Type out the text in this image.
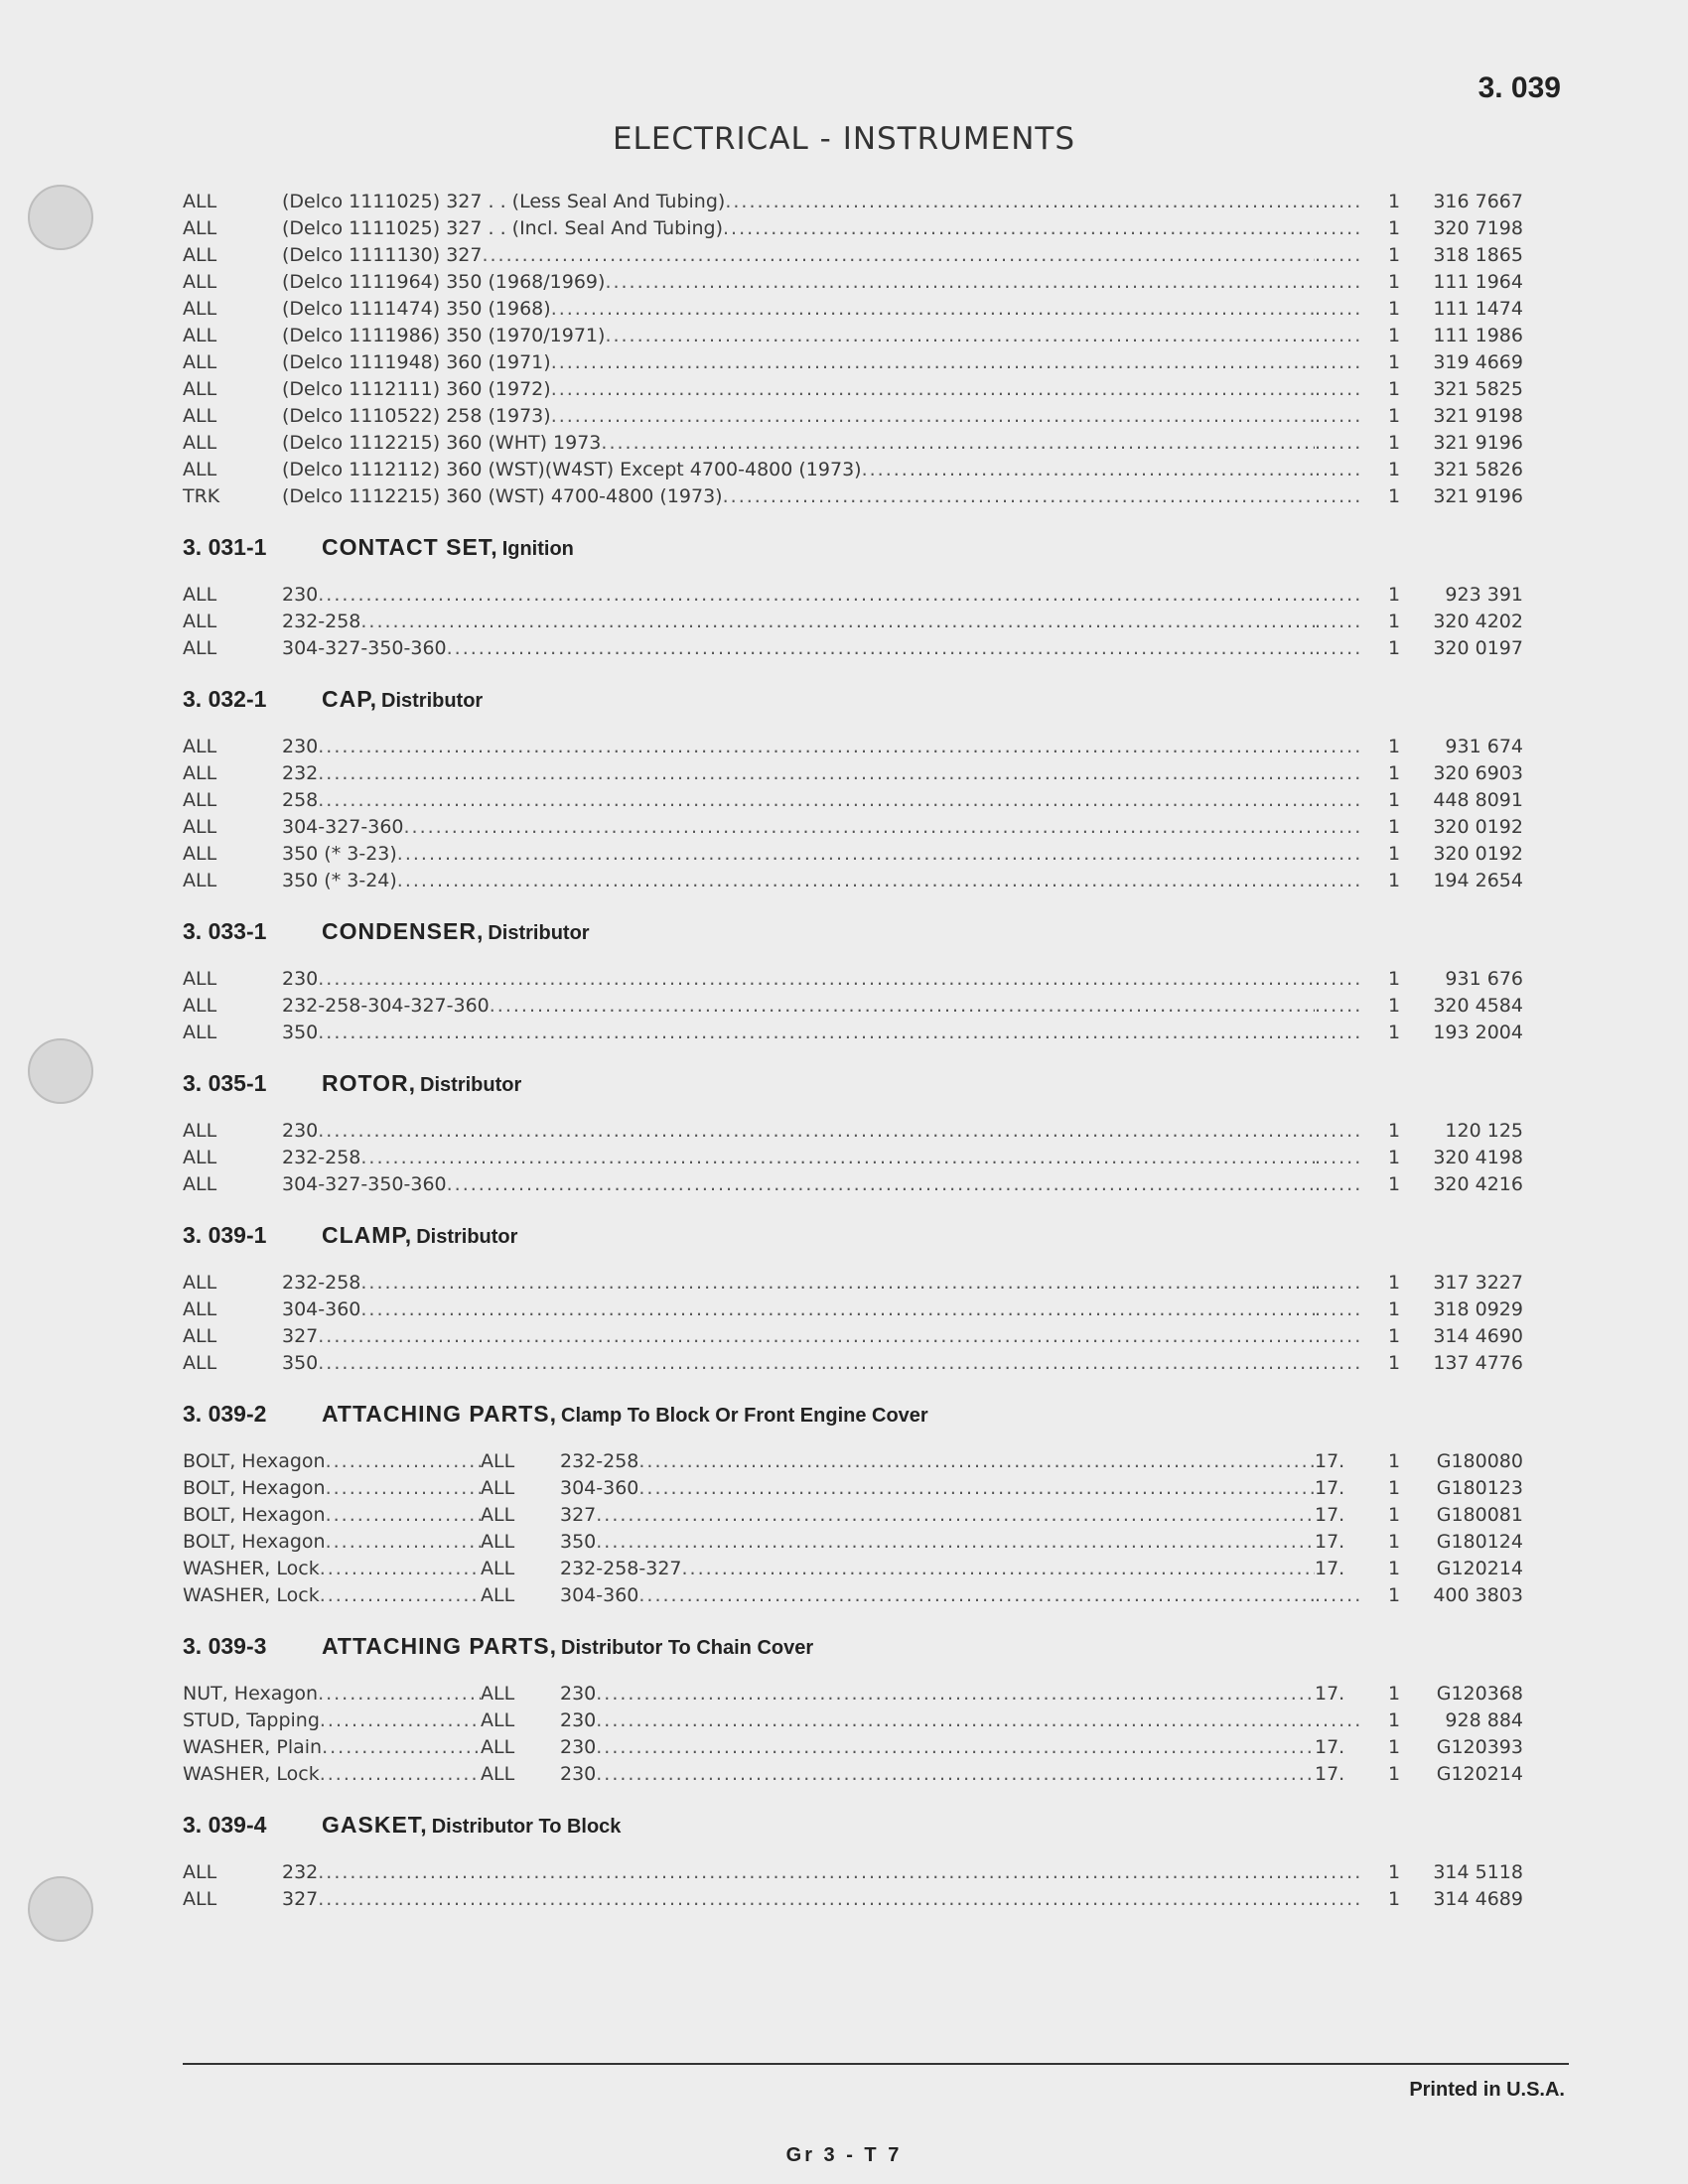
3. 039
ELECTRICAL - INSTRUMENTS
ALL	(Delco 1111025) 327 . . (Less Seal And Tubing) ..... ......	1	316 7667
ALL	(Delco 1111025) 327 . . (Incl. Seal And Tubing) ..... ......	1	320 7198
ALL	(Delco 1111130) 327 ..... ......	1	318 1865
ALL	(Delco 1111964) 350 (1968/1969) ..... ......	1	111 1964
ALL	(Delco 1111474) 350 (1968) ..... ......	1	111 1474
ALL	(Delco 1111986) 350 (1970/1971) ..... ......	1	111 1986
ALL	(Delco 1111948) 360 (1971) ..... ......	1	319 4669
ALL	(Delco 1112111) 360 (1972) ..... ......	1	321 5825
ALL	(Delco 1110522) 258 (1973) ..... ......	1	321 9198
ALL	(Delco 1112215) 360 (WHT) 1973 ..... ......	1	321 9196
ALL	(Delco 1112112) 360 (WST)(W4ST) Except 4700-4800 (1973) ..... ......	1	321 5826
TRK	(Delco 1112215) 360 (WST) 4700-4800 (1973) ..... ......	1	321 9196
3. 031-1	CONTACT SET, Ignition
ALL	230 ..... ......	1	923 391
ALL	232-258 ..... ......	1	320 4202
ALL	304-327-350-360 ..... ......	1	320 0197
3. 032-1	CAP, Distributor
ALL	230 ..... ......	1	931 674
ALL	232 ..... ......	1	320 6903
ALL	258 ..... ......	1	448 8091
ALL	304-327-360 ..... ......	1	320 0192
ALL	350 (* 3-23) ..... ......	1	320 0192
ALL	350 (* 3-24) ..... ......	1	194 2654
3. 033-1	CONDENSER, Distributor
ALL	230 ..... ......	1	931 676
ALL	232-258-304-327-360 ..... ......	1	320 4584
ALL	350 ..... ......	1	193 2004
3. 035-1	ROTOR, Distributor
ALL	230 ..... ......	1	120 125
ALL	232-258 ..... ......	1	320 4198
ALL	304-327-350-360 ..... ......	1	320 4216
3. 039-1	CLAMP, Distributor
ALL	232-258 ..... ......	1	317 3227
ALL	304-360 ..... ......	1	318 0929
ALL	327 ..... ......	1	314 4690
ALL	350 ..... ......	1	137 4776
3. 039-2	ATTACHING PARTS, Clamp To Block Or Front Engine Cover
BOLT, Hexagon .....	ALL	232-258 .....	17.	1	G180080
BOLT, Hexagon .....	ALL	304-360 .....	17.	1	G180123
BOLT, Hexagon .....	ALL	327 .....	17.	1	G180081
BOLT, Hexagon .....	ALL	350 .....	17.	1	G180124
WASHER, Lock .....	ALL	232-258-327 .....	17.	1	G120214
WASHER, Lock .....	ALL	304-360 ..... ......	1	400 3803
3. 039-3	ATTACHING PARTS, Distributor To Chain Cover
NUT, Hexagon .....	ALL	230 .....	17.	1	G120368
STUD, Tapping .....	ALL	230 ..... ......	1	928 884
WASHER, Plain .....	ALL	230 .....	17.	1	G120393
WASHER, Lock .....	ALL	230 .....	17.	1	G120214
3. 039-4	GASKET, Distributor To Block
ALL	232 ..... ......	1	314 5118
ALL	327 ..... ......	1	314 4689
Printed in U.S.A.
Gr 3 - T 7
